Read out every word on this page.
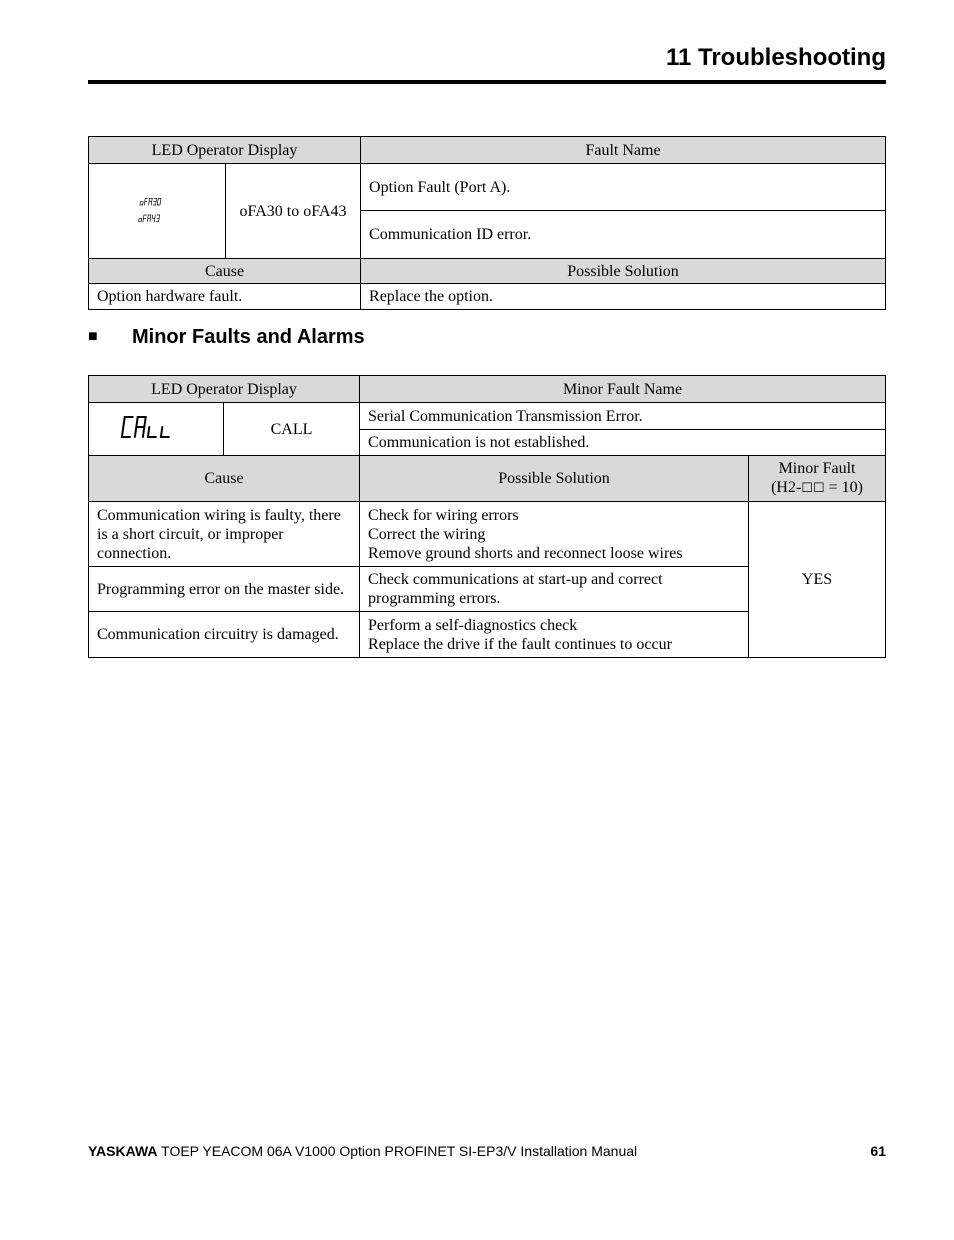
11 Troubleshooting
LED Operator Display		Fault Name

	oFA30 to oFA43	Option Fault (Port A).
		Communication ID error.
Cause		Possible Solution
Option hardware fault.		Replace the option.
■ Minor Faults and Alarms
LED Operator Display		Minor Fault Name	
	CALL	Serial Communication Transmission Error.	
		Communication is not established.	
Cause		Possible Solution	Minor Fault
(H2-☐☐ = 10)
Communication wiring is faulty, there is a short circuit, or improper connection.		Check for wiring errors
Correct the wiring
Remove ground shorts and reconnect loose wires	YES
Programming error on the master side.		Check communications at start-up and correct programming errors.	
Communication circuitry is damaged.		Perform a self-diagnostics check
Replace the drive if the fault continues to occur	
YASKAWA TOEP YEACOM 06A V1000 Option PROFINET SI-EP3/V Installation Manual	61
